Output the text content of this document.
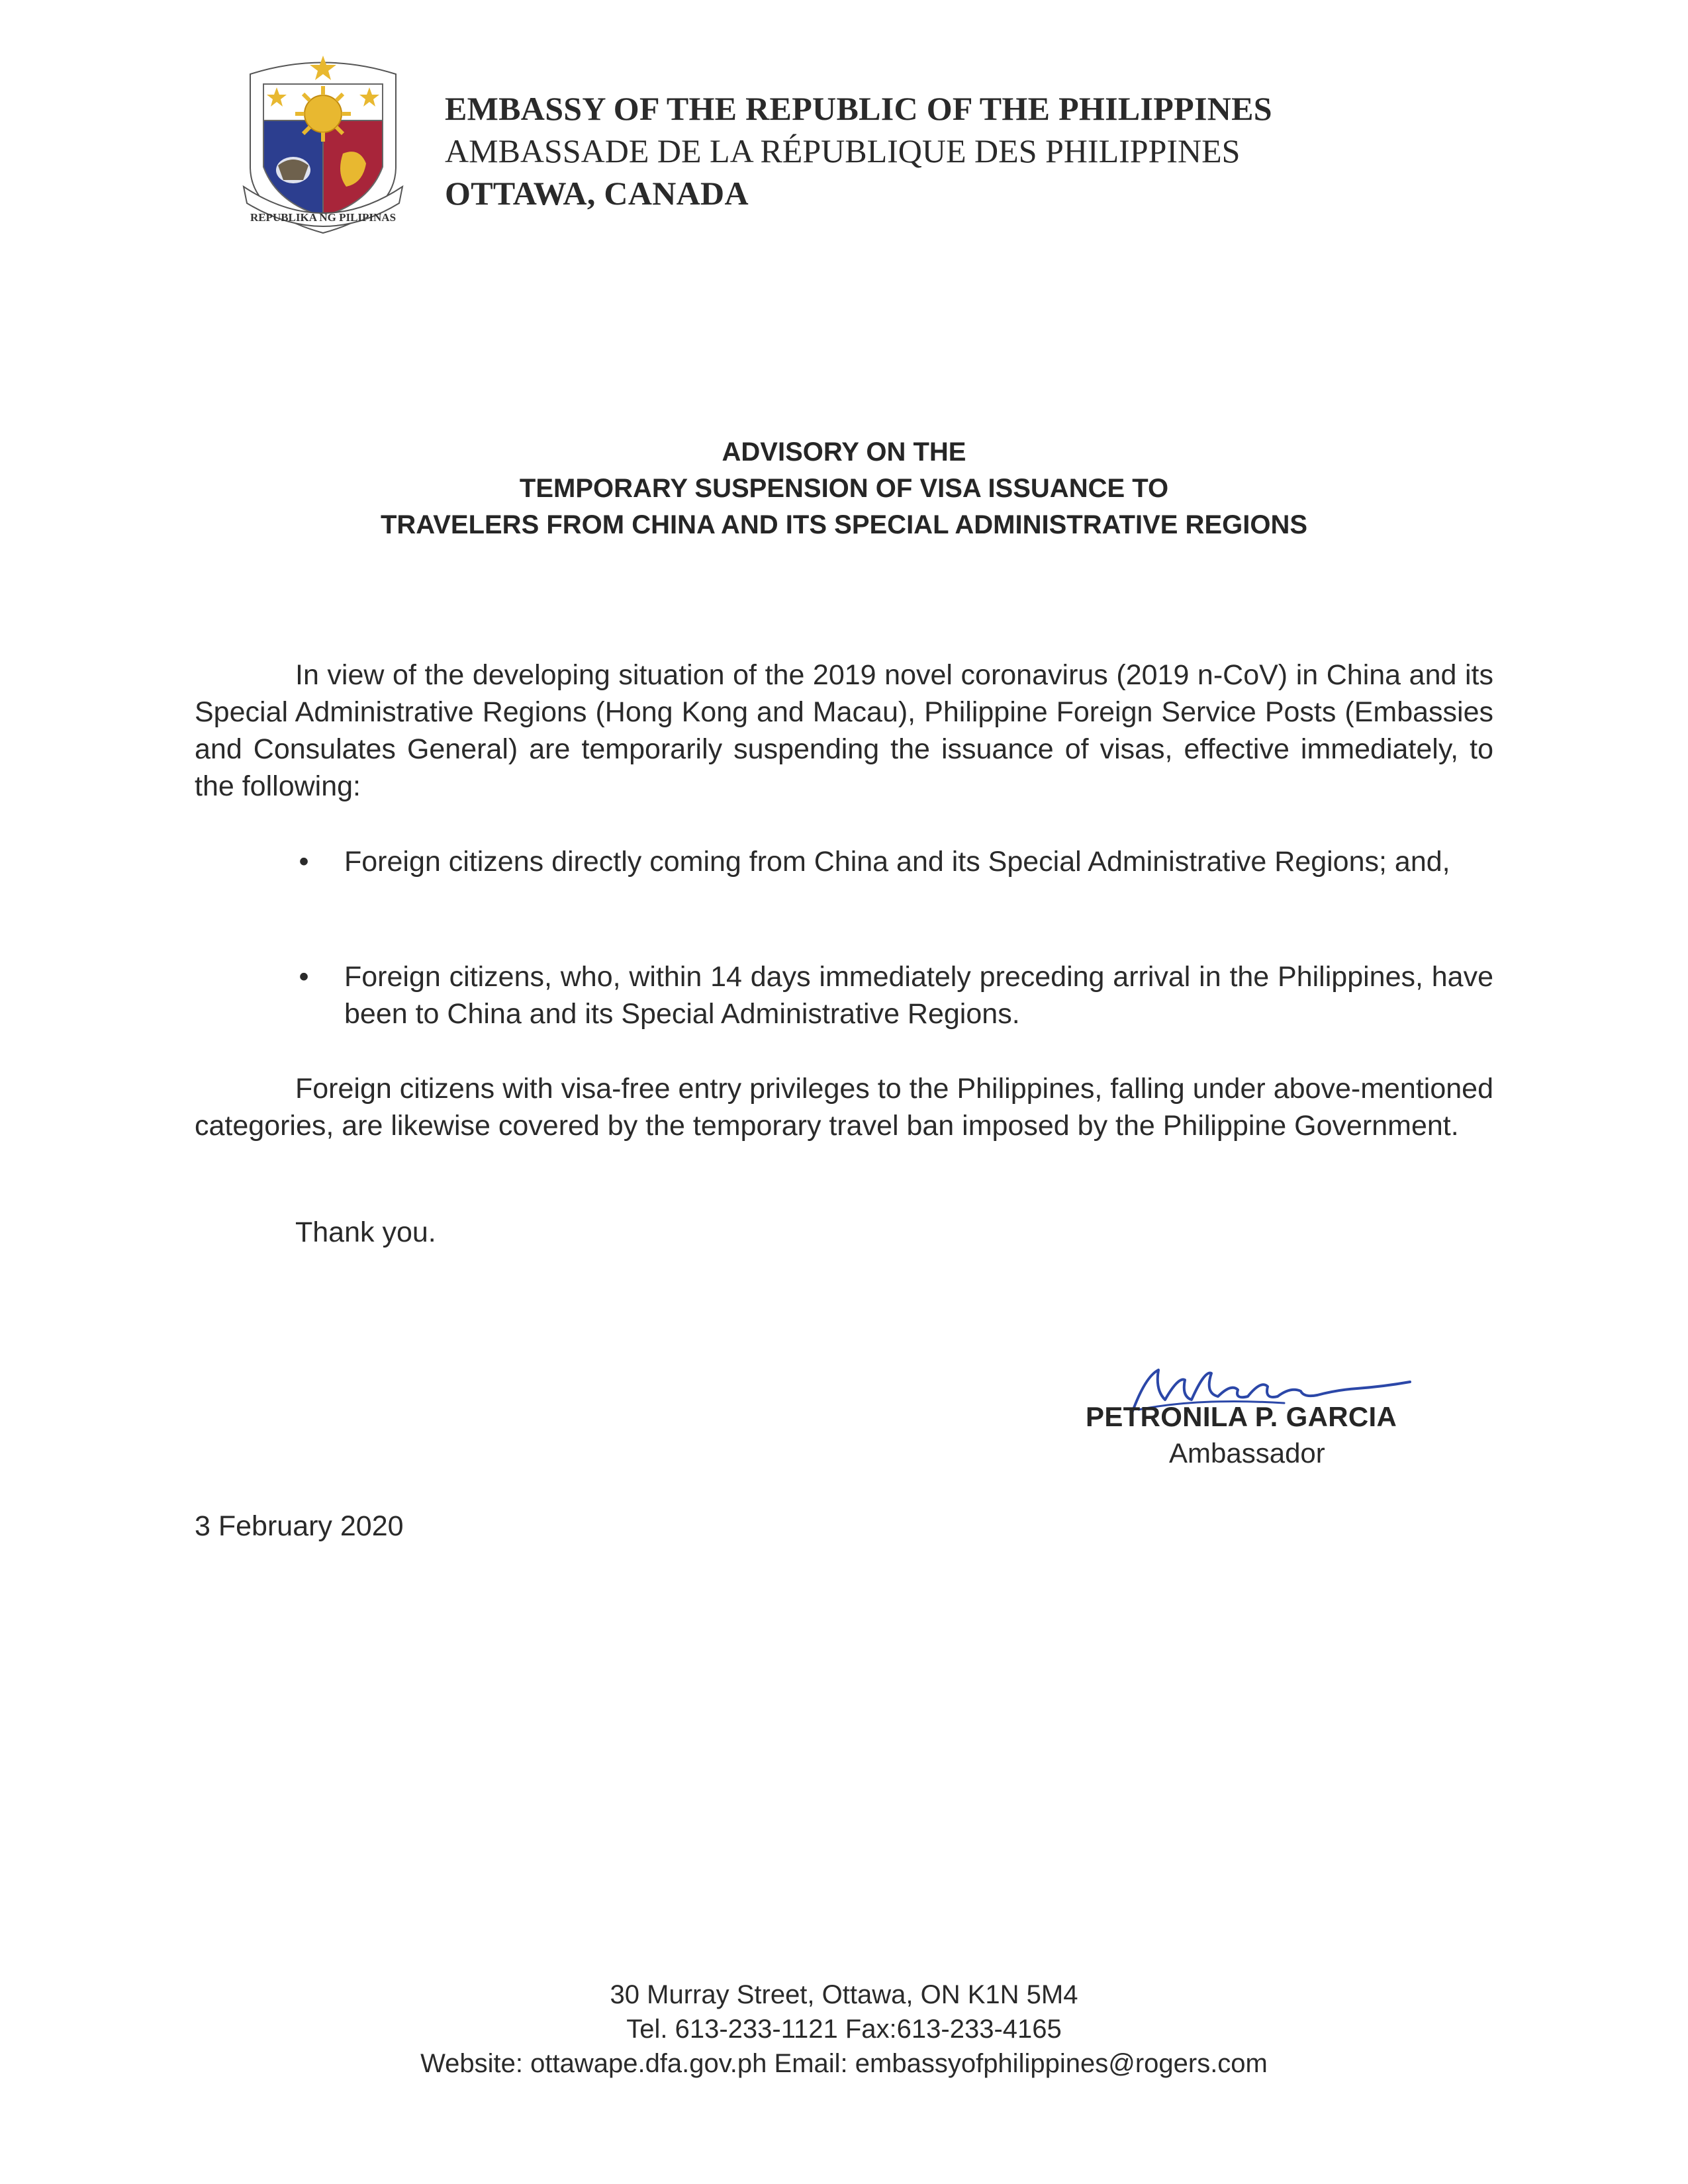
REPUBLIKA NG PILIPINAS
EMBASSY OF THE REPUBLIC OF THE PHILIPPINES
AMBASSADE DE LA RÉPUBLIQUE DES PHILIPPINES
OTTAWA, CANADA
ADVISORY ON THE
TEMPORARY SUSPENSION OF VISA ISSUANCE TO
TRAVELERS FROM CHINA AND ITS SPECIAL ADMINISTRATIVE REGIONS
In view of the developing situation of the 2019 novel coronavirus (2019 n-CoV) in China and its Special Administrative Regions (Hong Kong and Macau), Philippine Foreign Service Posts (Embassies and Consulates General) are temporarily suspending the issuance of visas, effective immediately, to the following:
• Foreign citizens directly coming from China and its Special Administrative Regions; and,
• Foreign citizens, who, within 14 days immediately preceding arrival in the Philippines, have been to China and its Special Administrative Regions.
Foreign citizens with visa-free entry privileges to the Philippines, falling under above-mentioned categories, are likewise covered by the temporary travel ban imposed by the Philippine Government.
Thank you.
PETRONILA P. GARCIA
Ambassador
3 February 2020
30 Murray Street, Ottawa, ON K1N 5M4
Tel. 613-233-1121 Fax:613-233-4165
Website: ottawape.dfa.gov.ph Email: embassyofphilippines@rogers.com
